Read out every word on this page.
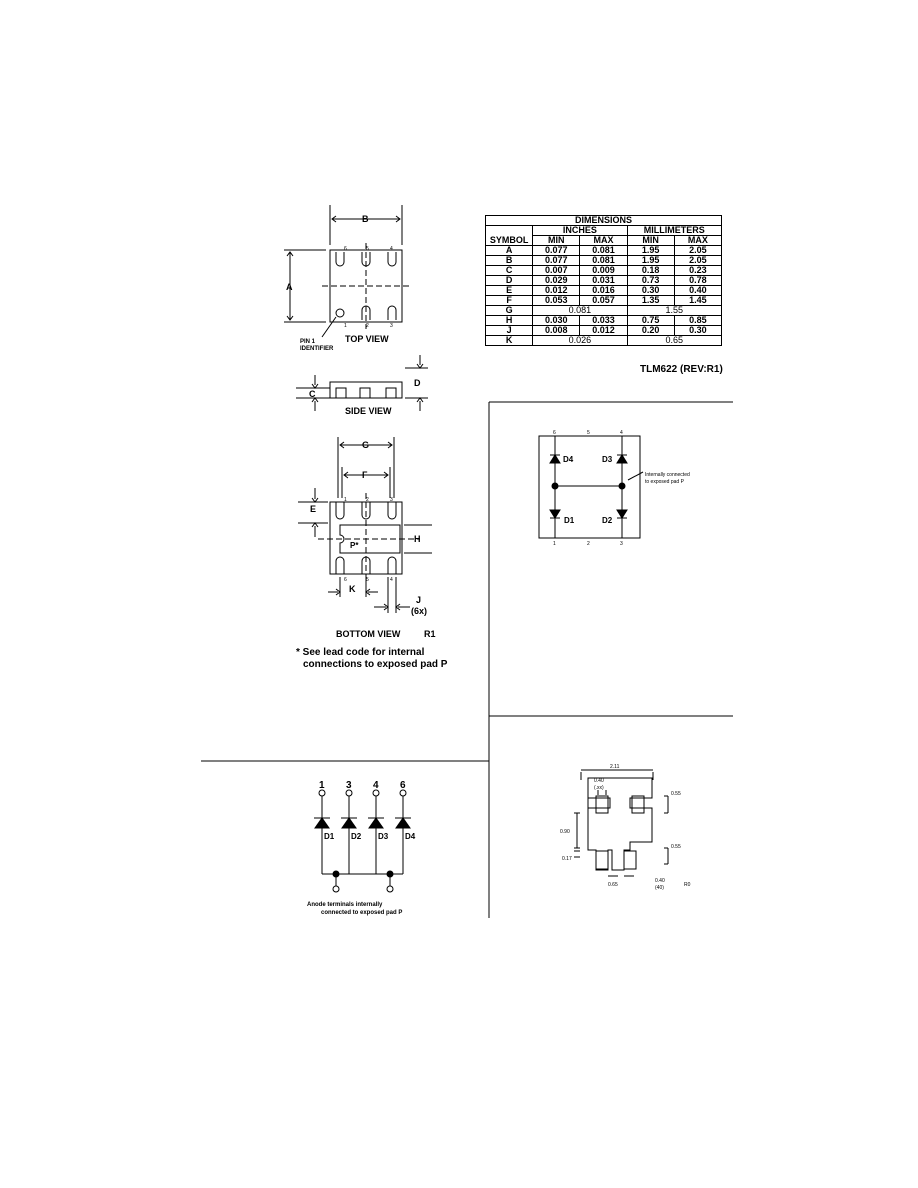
B
A
C
D
G
F
E
H
K
J
(6x)
P*
6	5	4
1	2	3
1	2	3
6	5	4
TOP VIEW
PIN 1
IDENTIFIER
SIDE VIEW
BOTTOM VIEW	R1
* See lead code for internal
connections to exposed pad P
DIMENSIONS				
SYMBOL	INCHES		MILLIMETERS	
	MIN	MAX	MIN	MAX
A	0.077	0.081	1.95	2.05
B	0.077	0.081	1.95	2.05
C	0.007	0.009	0.18	0.23
D	0.029	0.031	0.73	0.78
E	0.012	0.016	0.30	0.40
F	0.053	0.057	1.35	1.45
G	0.081		1.55	
H	0.030	0.033	0.75	0.85
J	0.008	0.012	0.20	0.30
K	0.026		0.65	
TLM622 (REV:R1)
D4	D3
D1	D2
6	5	4
1	2	3
Internally connected
to exposed pad P
1 3 4 6
D1 D2 D3 D4
Anode terminals internally
connected to exposed pad P
2.11
0.40
(.xx)
0.55
0.55
0.90
0.17
0.65
0.40
(40)	R0
